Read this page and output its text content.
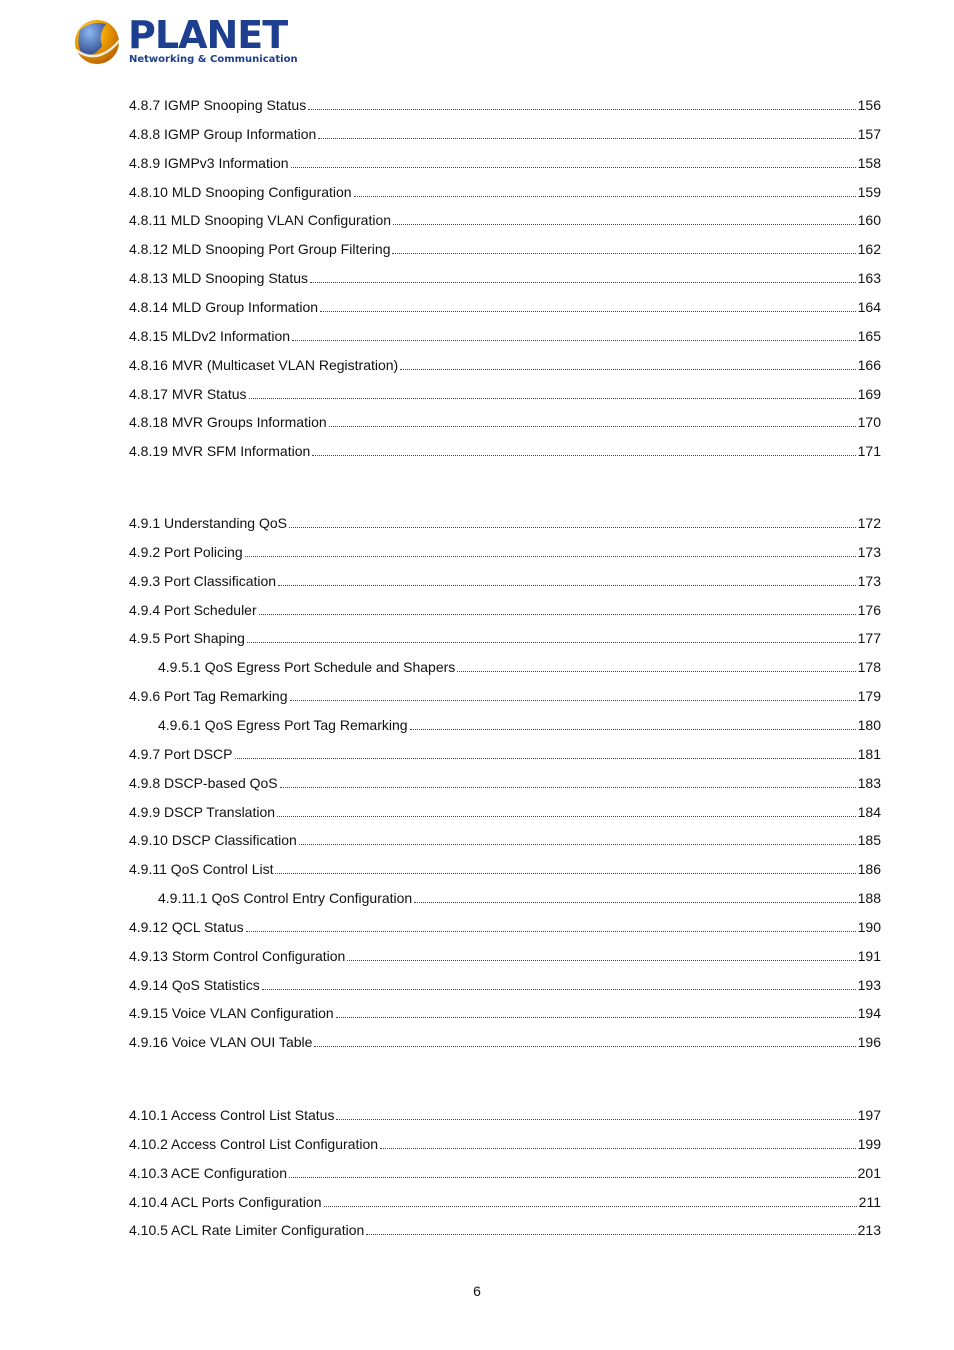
PLANET
Networking & Communication
4.8.7 IGMP Snooping Status	156
4.8.8 IGMP Group Information	157
4.8.9 IGMPv3 Information	158
4.8.10 MLD Snooping Configuration	159
4.8.11 MLD Snooping VLAN Configuration	160
4.8.12 MLD Snooping Port Group Filtering	162
4.8.13 MLD Snooping Status	163
4.8.14 MLD Group Information	164
4.8.15 MLDv2 Information	165
4.8.16 MVR (Multicaset VLAN Registration)	166
4.8.17 MVR Status	169
4.8.18 MVR Groups Information	170
4.8.19 MVR SFM Information	171
4.9.1 Understanding QoS	172
4.9.2 Port Policing	173
4.9.3 Port Classification	173
4.9.4 Port Scheduler	176
4.9.5 Port Shaping	177
4.9.5.1 QoS Egress Port Schedule and Shapers	178
4.9.6 Port Tag Remarking	179
4.9.6.1 QoS Egress Port Tag Remarking	180
4.9.7 Port DSCP	181
4.9.8 DSCP-based QoS	183
4.9.9 DSCP Translation	184
4.9.10 DSCP Classification	185
4.9.11 QoS Control List	186
4.9.11.1 QoS Control Entry Configuration	188
4.9.12 QCL Status	190
4.9.13 Storm Control Configuration	191
4.9.14 QoS Statistics	193
4.9.15 Voice VLAN Configuration	194
4.9.16 Voice VLAN OUI Table	196
4.10.1 Access Control List Status	197
4.10.2 Access Control List Configuration	199
4.10.3 ACE Configuration	201
4.10.4 ACL Ports Configuration	211
4.10.5 ACL Rate Limiter Configuration	213
6
